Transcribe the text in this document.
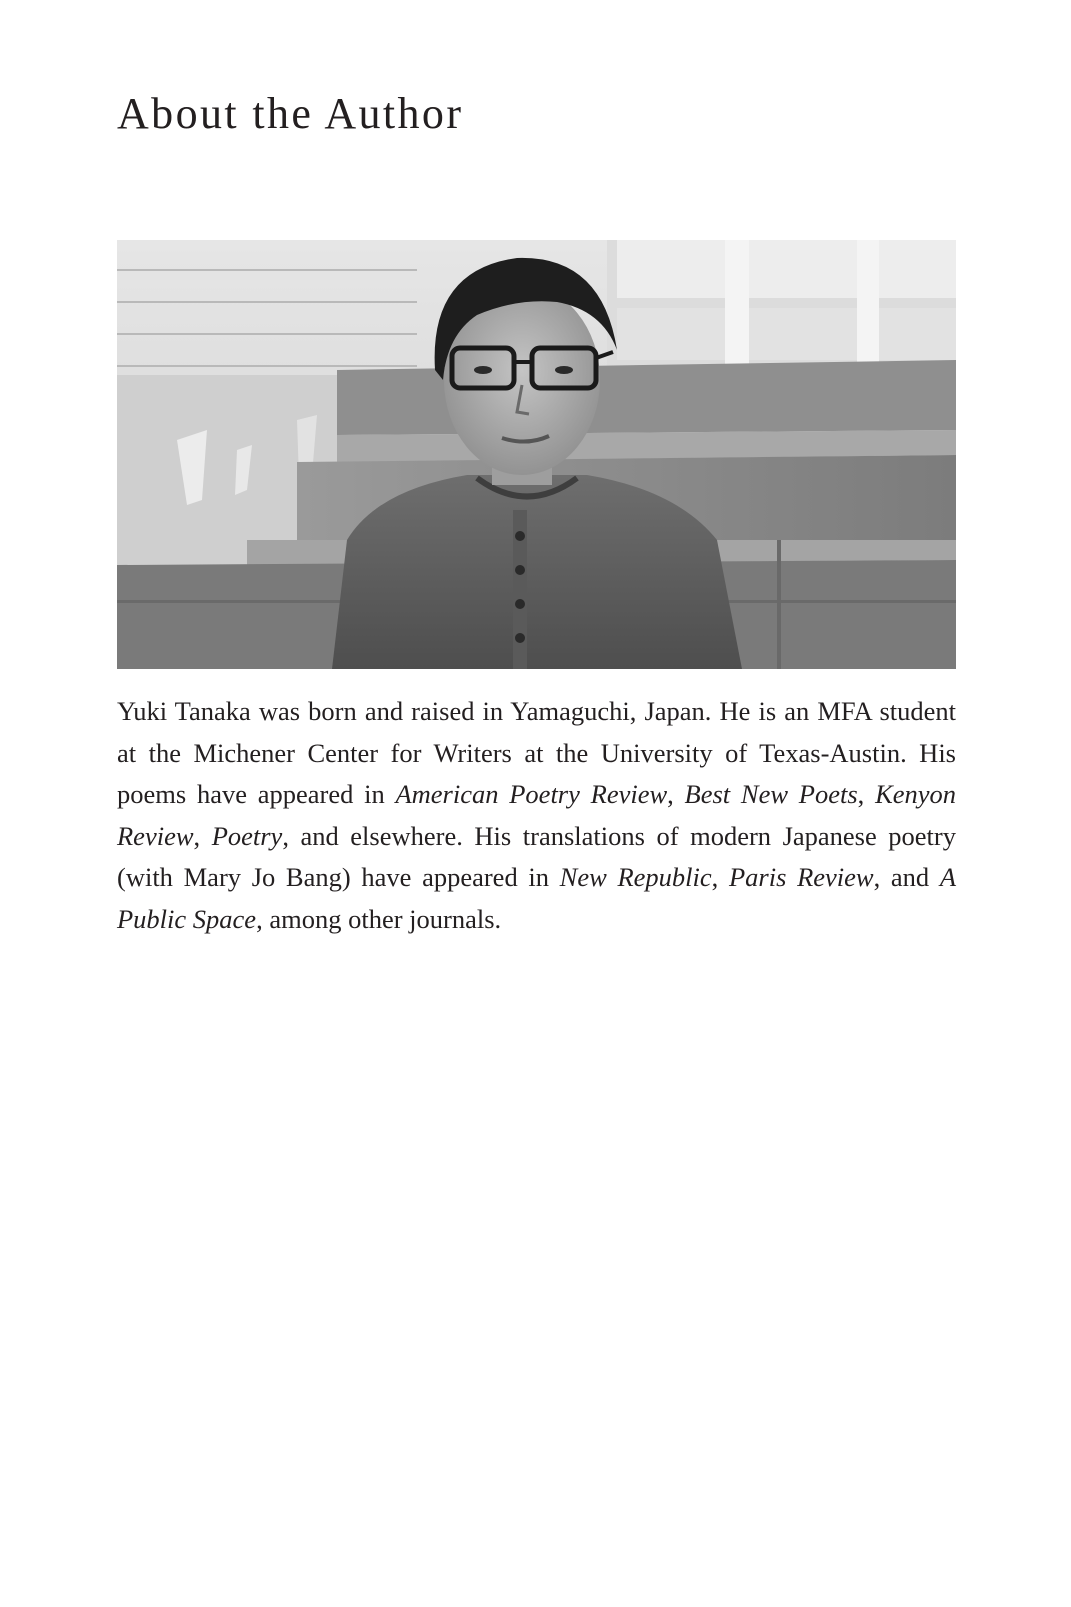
About the Author

Yuki Tanaka was born and raised in Yamaguchi, Japan. He is an MFA student at the Michener Center for Writers at the University of Texas-Austin. His poems have appeared in American Poetry Review, Best New Poets, Kenyon Review, Poetry, and elsewhere. His translations of modern Japanese poetry (with Mary Jo Bang) have appeared in New Republic, Paris Review, and A Public Space, among other journals.
